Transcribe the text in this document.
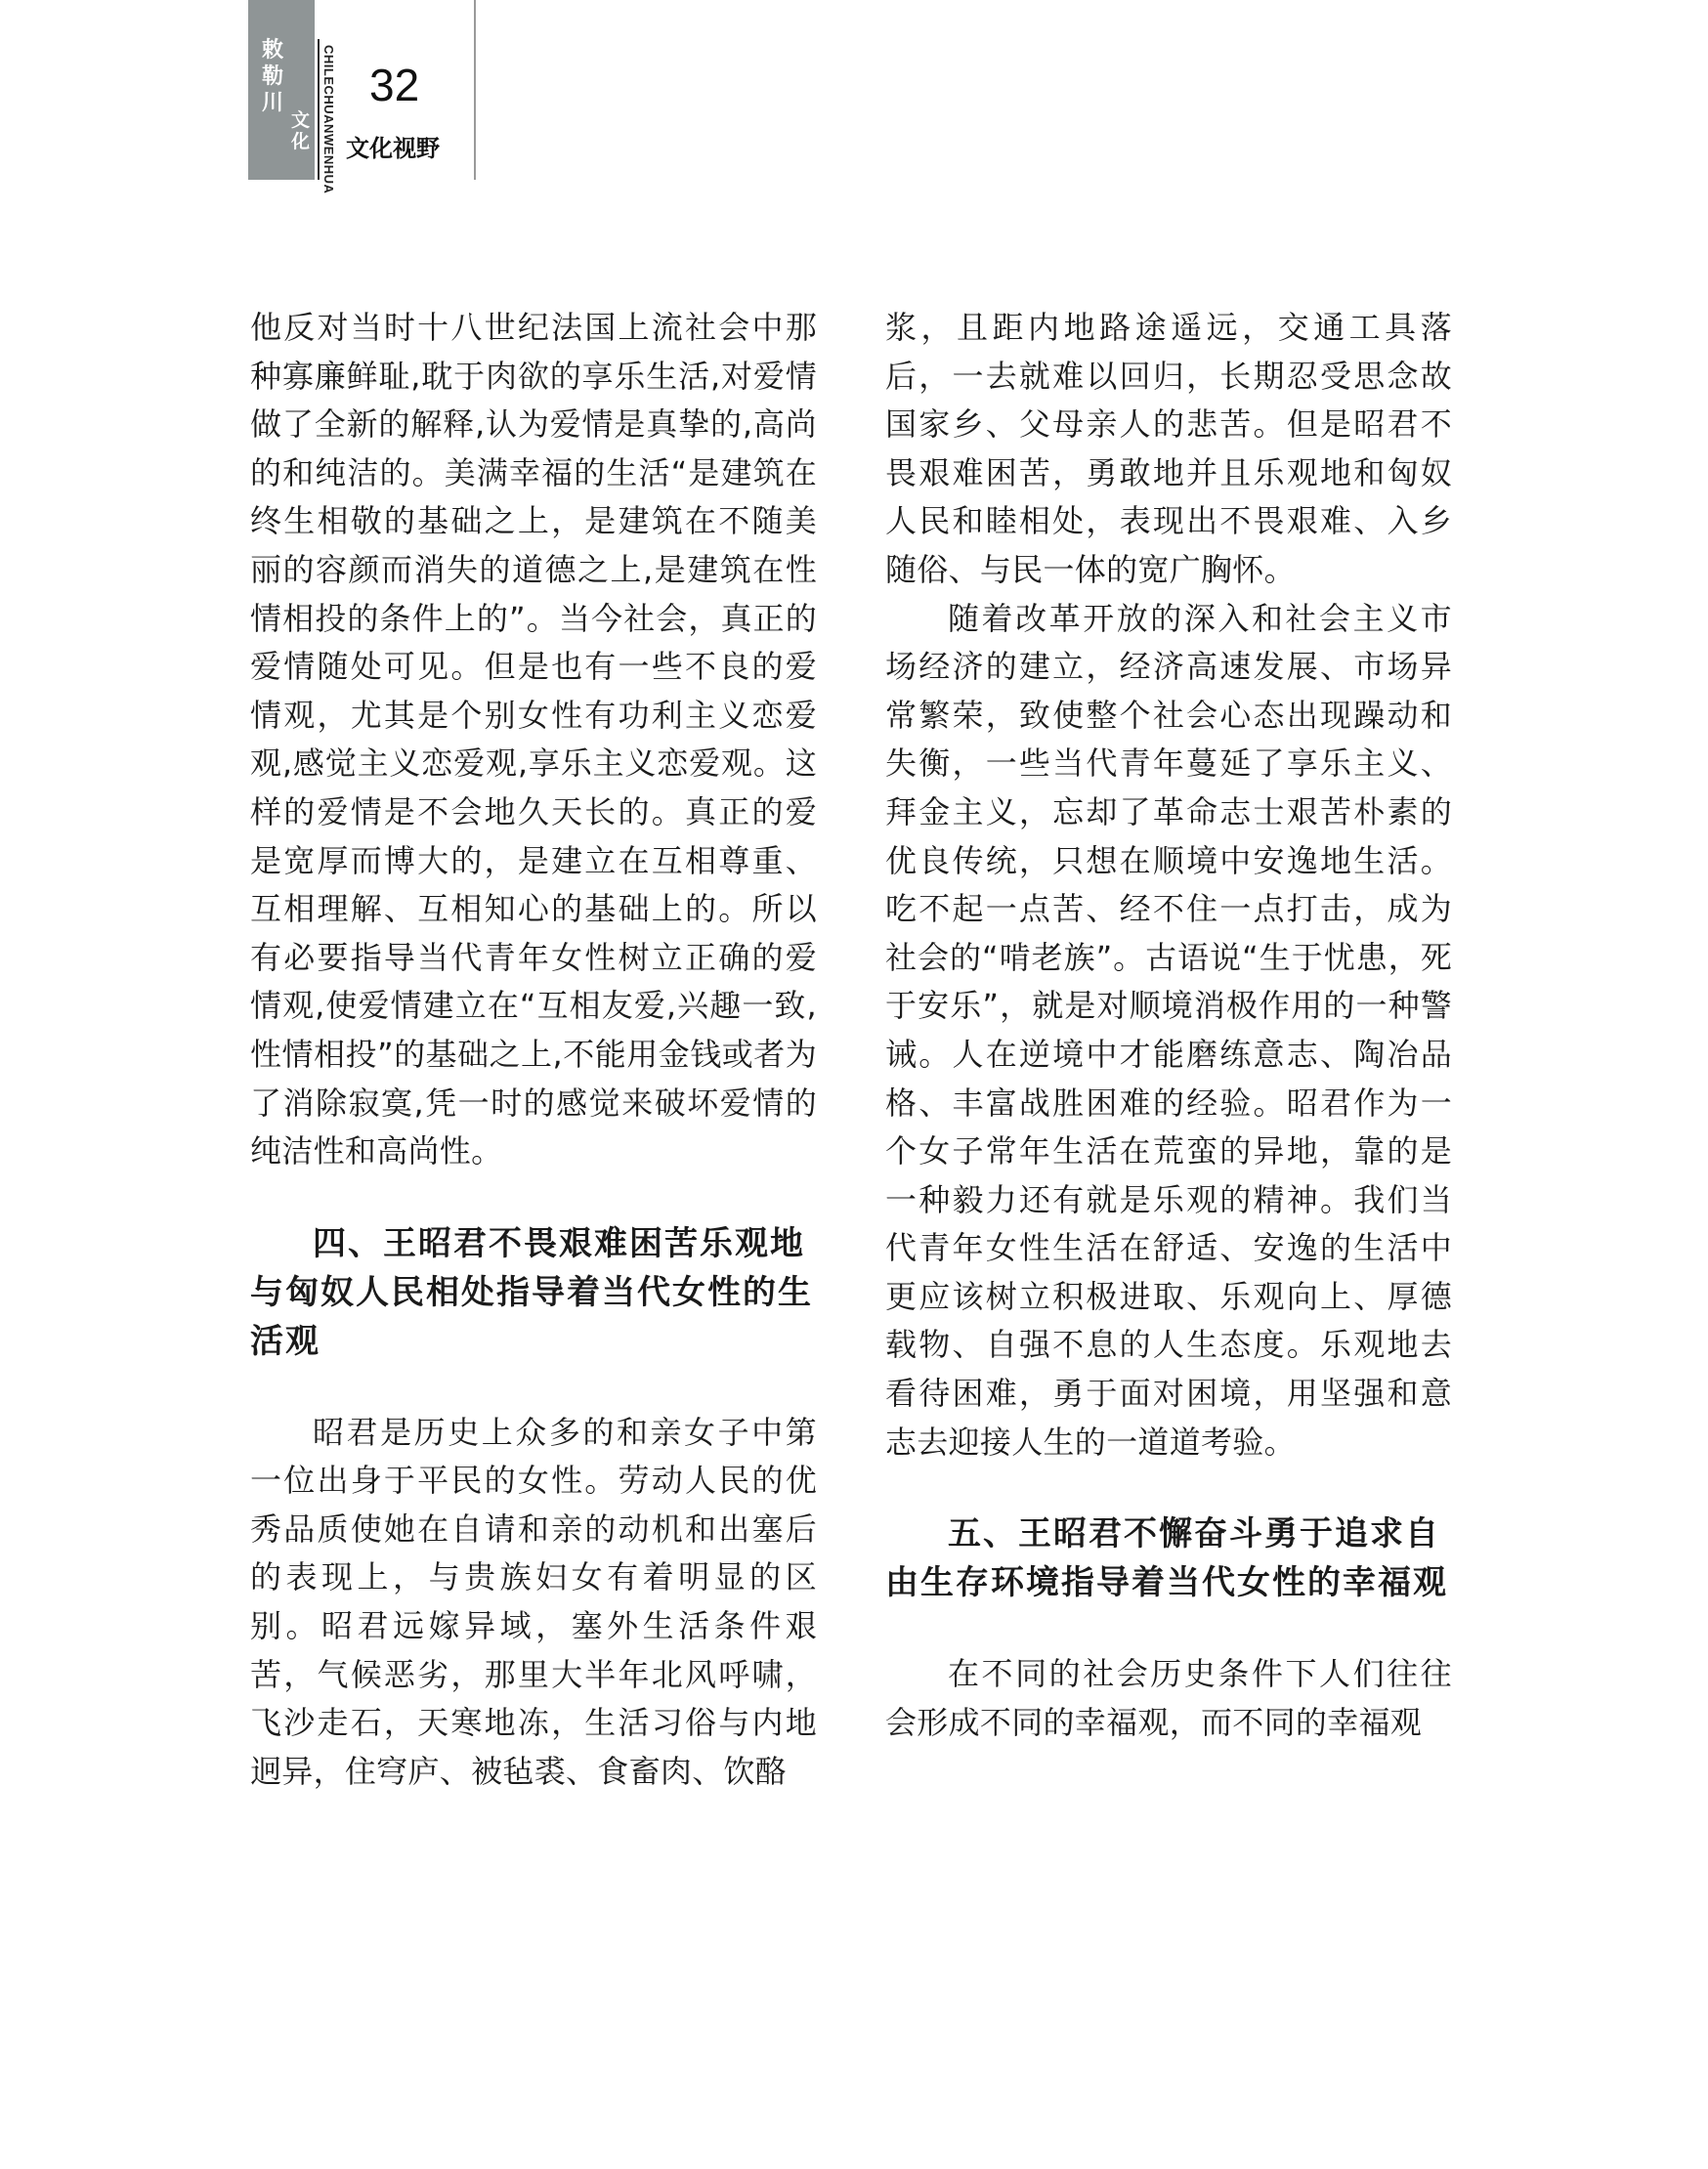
敕勒川
文化 CHILECHUANWENHUA 32
文化视野

他反对当时十八世纪法国上流社会中那种寡廉鲜耻,耽于肉欲的享乐生活,对爱情做了全新的解释,认为爱情是真挚的,高尚的和纯洁的。美满幸福的生活“是建筑在终生相敬的基础之上，是建筑在不随美丽的容颜而消失的道德之上,是建筑在性情相投的条件上的”。当今社会，真正的爱情随处可见。但是也有一些不良的爱情观，尤其是个别女性有功利主义恋爱观,感觉主义恋爱观,享乐主义恋爱观。这样的爱情是不会地久天长的。真正的爱是宽厚而博大的，是建立在互相尊重、互相理解、互相知心的基础上的。所以有必要指导当代青年女性树立正确的爱情观,使爱情建立在“互相友爱,兴趣一致,性情相投”的基础之上,不能用金钱或者为了消除寂寞,凭一时的感觉来破坏爱情的纯洁性和高尚性。

四、王昭君不畏艰难困苦乐观地与匈奴人民相处指导着当代女性的生活观

昭君是历史上众多的和亲女子中第一位出身于平民的女性。劳动人民的优秀品质使她在自请和亲的动机和出塞后的表现上，与贵族妇女有着明显的区别。昭君远嫁异域，塞外生活条件艰苦，气候恶劣，那里大半年北风呼啸，飞沙走石，天寒地冻，生活习俗与内地迥异，住穹庐、被毡裘、食畜肉、饮酪

浆，且距内地路途遥远，交通工具落后，一去就难以回归，长期忍受思念故国家乡、父母亲人的悲苦。但是昭君不畏艰难困苦，勇敢地并且乐观地和匈奴人民和睦相处，表现出不畏艰难、入乡随俗、与民一体的宽广胸怀。

随着改革开放的深入和社会主义市场经济的建立，经济高速发展、市场异常繁荣，致使整个社会心态出现躁动和失衡，一些当代青年蔓延了享乐主义、拜金主义，忘却了革命志士艰苦朴素的优良传统，只想在顺境中安逸地生活。吃不起一点苦、经不住一点打击，成为社会的“啃老族”。古语说“生于忧患，死于安乐”，就是对顺境消极作用的一种警诫。人在逆境中才能磨练意志、陶冶品格、丰富战胜困难的经验。昭君作为一个女子常年生活在荒蛮的异地，靠的是一种毅力还有就是乐观的精神。我们当代青年女性生活在舒适、安逸的生活中更应该树立积极进取、乐观向上、厚德载物、自强不息的人生态度。乐观地去看待困难，勇于面对困境，用坚强和意志去迎接人生的一道道考验。

五、王昭君不懈奋斗勇于追求自由生存环境指导着当代女性的幸福观

在不同的社会历史条件下人们往往会形成不同的幸福观，而不同的幸福观
